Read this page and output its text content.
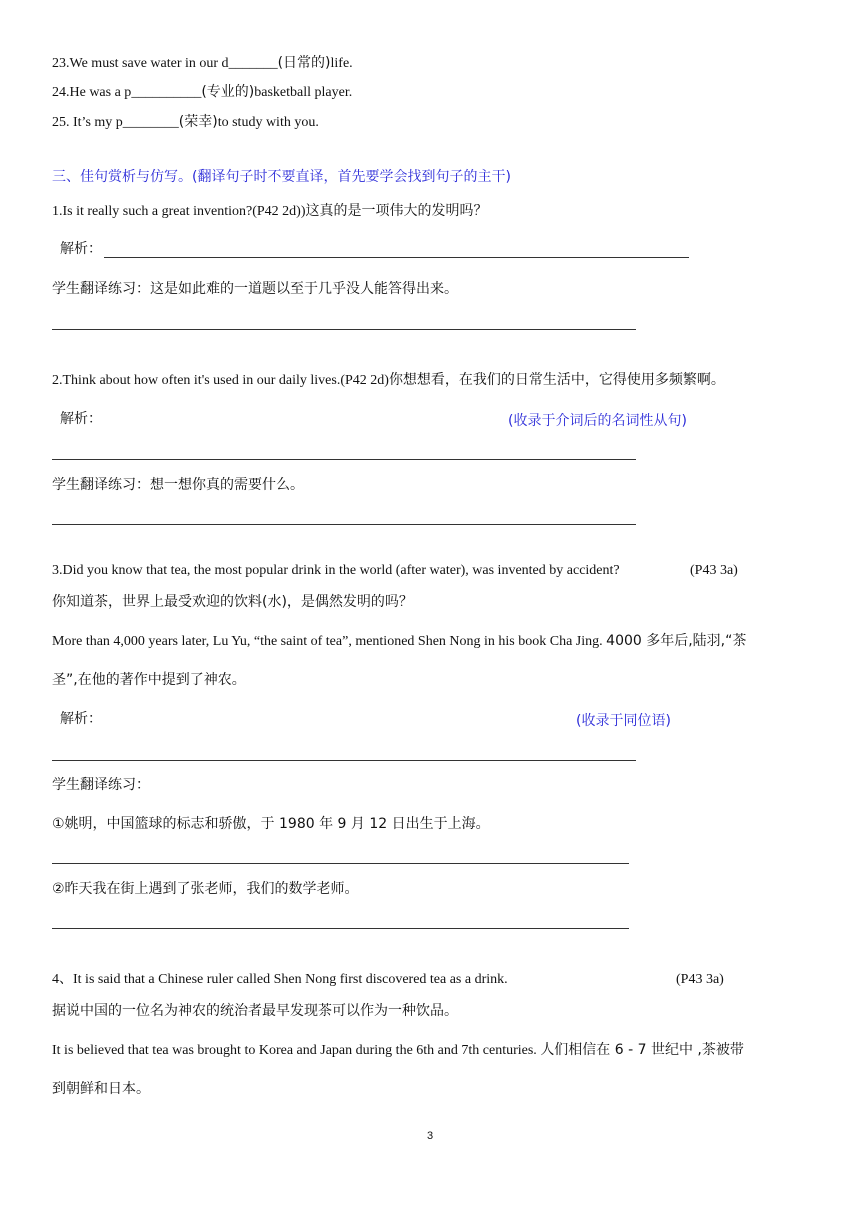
23.We must save water in our d_______(日常的)life.
24.He was a p__________(专业的)basketball player.
25. It’s my p________(荣幸)to study with you.
三、佳句赏析与仿写。(翻译句子时不要直译，首先要学会找到句子的主干)
1.Is it really such a great invention?(P42 2d))这真的是一项伟大的发明吗？
解析：
学生翻译练习：这是如此难的一道题以至于几乎没人能答得出来。
2.Think about how often it's used in our daily lives.(P42 2d)你想想看，在我们的日常生活中，它得使用多频繁啊。
解析：	(收录于介词后的名词性从句)
学生翻译练习：想一想你真的需要什么。
3.Did you know that tea, the most popular drink in the world (after water), was invented by accident?	(P43 3a)
你知道茶，世界上最受欢迎的饮料(水)，是偶然发明的吗？
More than 4,000 years later, Lu Yu, “the saint of tea”, mentioned Shen Nong in his book Cha Jing. 4000 多年后,陆羽,“茶
圣”,在他的著作中提到了神农。
解析：	(收录于同位语)
学生翻译练习：
①姚明，中国篮球的标志和骄傲，于 1980 年 9 月 12 日出生于上海。
②昨天我在街上遇到了张老师，我们的数学老师。
4、It is said that a Chinese ruler called Shen Nong first discovered tea as a drink.	(P43 3a)
据说中国的一位名为神农的统治者最早发现茶可以作为一种饮品。
It is believed that tea was brought to Korea and Japan during the 6th and 7th centuries. 人们相信在 6 - 7 世纪中 ,茶被带
到朝鲜和日本。
3
